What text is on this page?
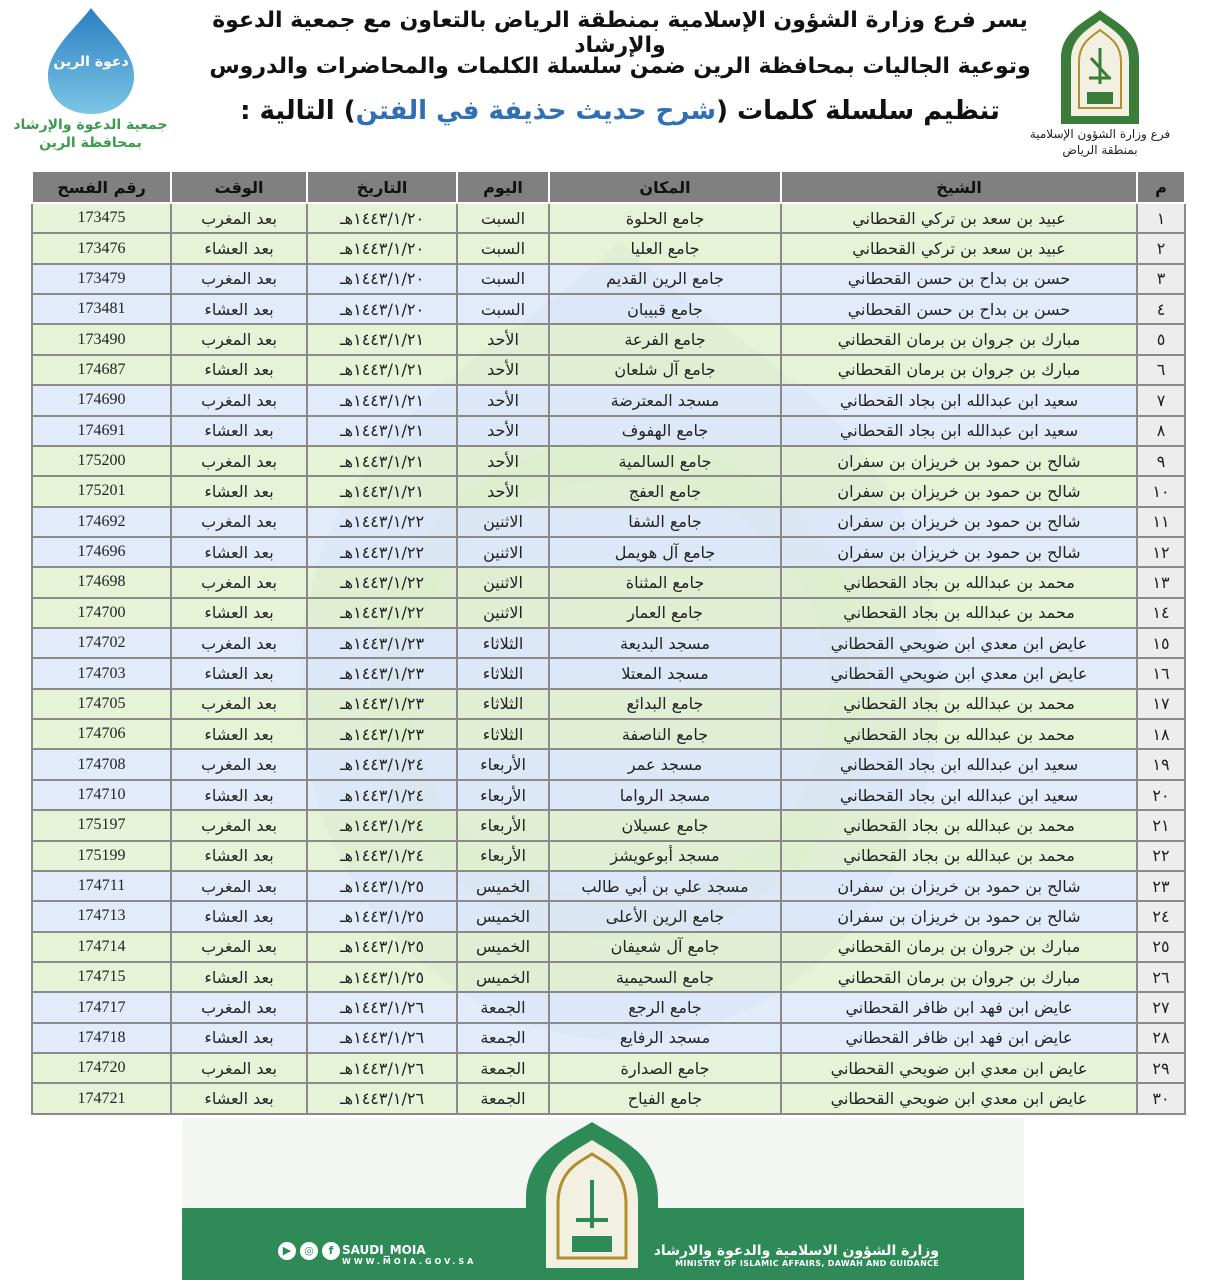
فرع وزارة الشؤون الإسلامية
بمنطقة الرياض
دعوة الرين
جمعية الدعوة والإرشاد
بمحافظة الرين
يسر فرع وزارة الشؤون الإسلامية بمنطقة الرياض بالتعاون مع جمعية الدعوة والإرشاد
وتوعية الجاليات بمحافظة الرين ضمن سلسلة الكلمات والمحاضرات والدروس
تنظيم سلسلة كلمات (شرح حديث حذيفة في الفتن) التالية :
م	الشيخ	المكان	اليوم	التاريخ	الوقت	رقم الفسح
١	عبيد بن سعد بن تركي القحطاني	جامع الحلوة	السبت	١٤٤٣/١/٢٠هـ	بعد المغرب	173475
٢	عبيد بن سعد بن تركي القحطاني	جامع العليا	السبت	١٤٤٣/١/٢٠هـ	بعد العشاء	173476
٣	حسن بن بداح بن حسن القحطاني	جامع الرين القديم	السبت	١٤٤٣/١/٢٠هـ	بعد المغرب	173479
٤	حسن بن بداح بن حسن القحطاني	جامع قبيبان	السبت	١٤٤٣/١/٢٠هـ	بعد العشاء	173481
٥	مبارك بن جروان بن برمان القحطاني	جامع الفرعة	الأحد	١٤٤٣/١/٢١هـ	بعد المغرب	173490
٦	مبارك بن جروان بن برمان القحطاني	جامع آل شلعان	الأحد	١٤٤٣/١/٢١هـ	بعد العشاء	174687
٧	سعيد ابن عبدالله ابن بجاد القحطاني	مسجد المعترضة	الأحد	١٤٤٣/١/٢١هـ	بعد المغرب	174690
٨	سعيد ابن عبدالله ابن بجاد القحطاني	جامع الهفوف	الأحد	١٤٤٣/١/٢١هـ	بعد العشاء	174691
٩	شالح بن حمود بن خريزان بن سفران	جامع السالمية	الأحد	١٤٤٣/١/٢١هـ	بعد المغرب	175200
١٠	شالح بن حمود بن خريزان بن سفران	جامع العفج	الأحد	١٤٤٣/١/٢١هـ	بعد العشاء	175201
١١	شالح بن حمود بن خريزان بن سفران	جامع الشفا	الاثنين	١٤٤٣/١/٢٢هـ	بعد المغرب	174692
١٢	شالح بن حمود بن خريزان بن سفران	جامع آل هويمل	الاثنين	١٤٤٣/١/٢٢هـ	بعد العشاء	174696
١٣	محمد بن عبدالله بن بجاد القحطاني	جامع المثناة	الاثنين	١٤٤٣/١/٢٢هـ	بعد المغرب	174698
١٤	محمد بن عبدالله بن بجاد القحطاني	جامع العمار	الاثنين	١٤٤٣/١/٢٢هـ	بعد العشاء	174700
١٥	عايض ابن معدي ابن ضويحي القحطاني	مسجد البديعة	الثلاثاء	١٤٤٣/١/٢٣هـ	بعد المغرب	174702
١٦	عايض ابن معدي ابن ضويحي القحطاني	مسجد المعتلا	الثلاثاء	١٤٤٣/١/٢٣هـ	بعد العشاء	174703
١٧	محمد بن عبدالله بن بجاد القحطاني	جامع البدائع	الثلاثاء	١٤٤٣/١/٢٣هـ	بعد المغرب	174705
١٨	محمد بن عبدالله بن بجاد القحطاني	جامع الناصفة	الثلاثاء	١٤٤٣/١/٢٣هـ	بعد العشاء	174706
١٩	سعيد ابن عبدالله ابن بجاد القحطاني	مسجد عمر	الأربعاء	١٤٤٣/١/٢٤هـ	بعد المغرب	174708
٢٠	سعيد ابن عبدالله ابن بجاد القحطاني	مسجد الرواما	الأربعاء	١٤٤٣/١/٢٤هـ	بعد العشاء	174710
٢١	محمد بن عبدالله بن بجاد القحطاني	جامع عسيلان	الأربعاء	١٤٤٣/١/٢٤هـ	بعد المغرب	175197
٢٢	محمد بن عبدالله بن بجاد القحطاني	مسجد أبوعويشز	الأربعاء	١٤٤٣/١/٢٤هـ	بعد العشاء	175199
٢٣	شالح بن حمود بن خريزان بن سفران	مسجد علي بن أبي طالب	الخميس	١٤٤٣/١/٢٥هـ	بعد المغرب	174711
٢٤	شالح بن حمود بن خريزان بن سفران	جامع الرين الأعلى	الخميس	١٤٤٣/١/٢٥هـ	بعد العشاء	174713
٢٥	مبارك بن جروان بن برمان القحطاني	جامع آل شعيفان	الخميس	١٤٤٣/١/٢٥هـ	بعد المغرب	174714
٢٦	مبارك بن جروان بن برمان القحطاني	جامع السحيمية	الخميس	١٤٤٣/١/٢٥هـ	بعد العشاء	174715
٢٧	عايض ابن فهد ابن ظافر القحطاني	جامع الرجع	الجمعة	١٤٤٣/١/٢٦هـ	بعد المغرب	174717
٢٨	عايض ابن فهد ابن ظافر القحطاني	مسجد الرفايع	الجمعة	١٤٤٣/١/٢٦هـ	بعد العشاء	174718
٢٩	عايض ابن معدي ابن ضويحي القحطاني	جامع الصدارة	الجمعة	١٤٤٣/١/٢٦هـ	بعد المغرب	174720
٣٠	عايض ابن معدي ابن ضويحي القحطاني	جامع الفياح	الجمعة	١٤٤٣/١/٢٦هـ	بعد العشاء	174721
وزارة الشؤون الاسلامية والدعوة والارشاد
MINISTRY OF ISLAMIC AFFAIRS, DAWAH AND GUIDANCE
▶	◎	f SAUDI_MOIA
WWW.MOIA.GOV.SA
